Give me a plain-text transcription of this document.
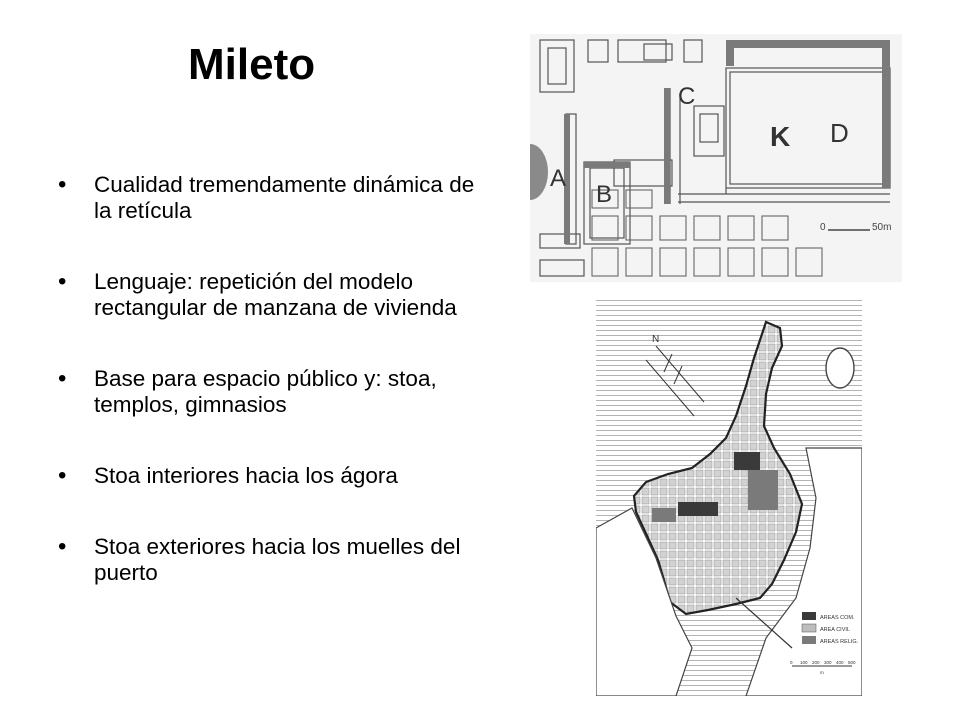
Mileto
• Cualidad tremendamente dinámica de la retícula
• Lenguaje: repetición del modelo rectangular de manzana de vivienda
• Base para espacio público y: stoa, templos, gimnasios
• Stoa interiores hacia los ágora
• Stoa exteriores hacia los muelles del puerto
A
B
C
K D
0	50m
N
AREAS COM.
AREA CIVIL
AREAS RELIG.
0 100 200 300 400 500
m
